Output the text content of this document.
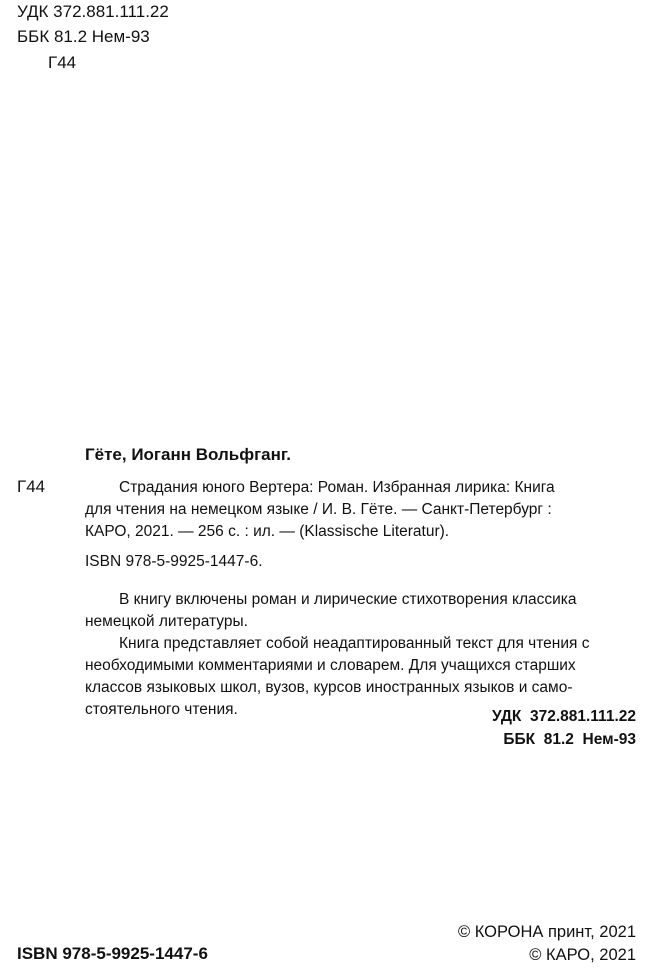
УДК 372.881.111.22
ББК 81.2 Нем-93
Г44
Гёте, Иоганн Вольфганг.
Г44	Страдания юного Вертера: Роман. Избранная лирика: Книга
для чтения на немецком языке / И. В. Гёте. — Санкт-Петербург :
КАРО, 2021. — 256 с. : ил. — (Klassische Literatur).
ISBN 978-5-9925-1447-6.
В книгу включены роман и лирические стихотворения классика
немецкой литературы.
Книга представляет собой неадаптированный текст для чтения с
необходимыми комментариями и словарем. Для учащихся старших
классов языковых школ, вузов, курсов иностранных языков и само-
стоятельного чтения.	УДК  372.881.111.22
ББК  81.2  Нем-93
ISBN 978-5-9925-1447-6
© КОРОНА принт, 2021
© КАРО, 2021
